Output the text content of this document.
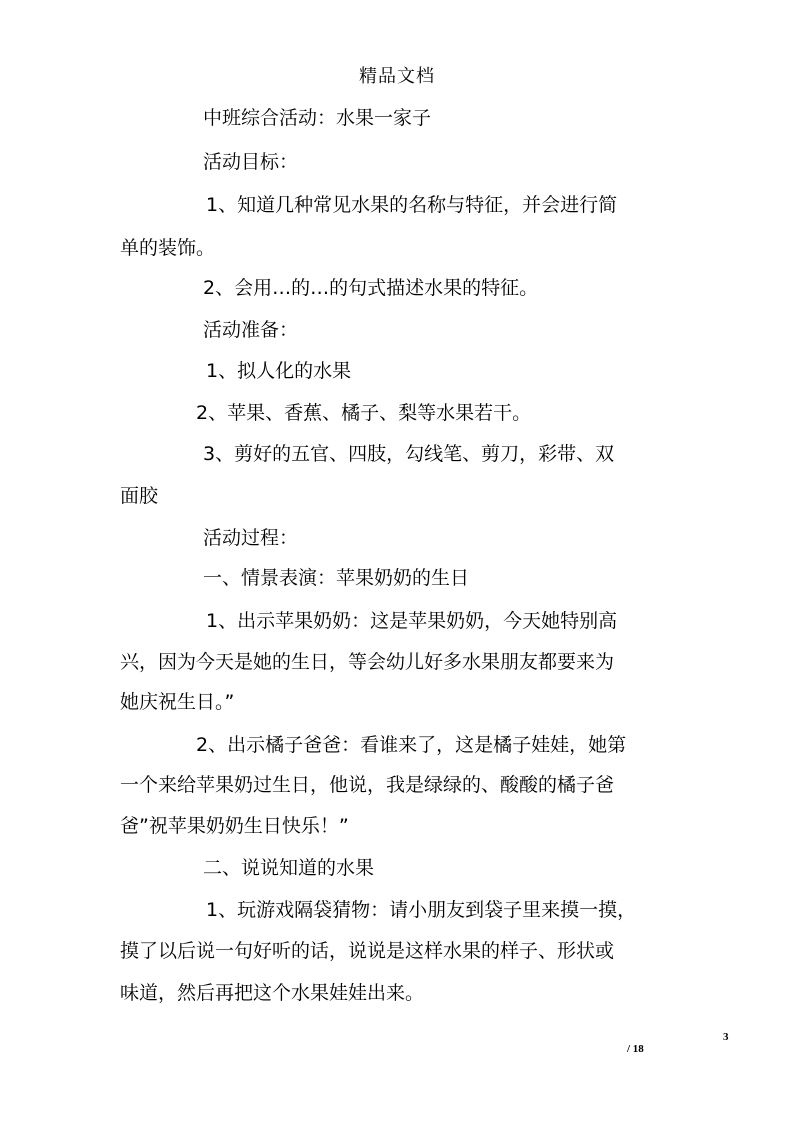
精品文档
中班综合活动：水果一家子
活动目标：
1、知道几种常见水果的名称与特征，并会进行简
单的装饰。
2、会用…的…的句式描述水果的特征。
活动准备：
1、拟人化的水果
2、苹果、香蕉、橘子、梨等水果若干。
3、剪好的五官、四肢，勾线笔、剪刀，彩带、双
面胶
活动过程：
一、情景表演：苹果奶奶的生日
1、出示苹果奶奶：这是苹果奶奶，今天她特别高
兴，因为今天是她的生日，等会幼儿好多水果朋友都要来为
她庆祝生日。”
2、出示橘子爸爸：看谁来了，这是橘子娃娃，她第
一个来给苹果奶过生日，他说，我是绿绿的、酸酸的橘子爸
爸”祝苹果奶奶生日快乐！”
二、说说知道的水果
1、玩游戏隔袋猜物：请小朋友到袋子里来摸一摸，
摸了以后说一句好听的话，说说是这样水果的样子、形状或
味道，然后再把这个水果娃娃出来。
3
/ 18
